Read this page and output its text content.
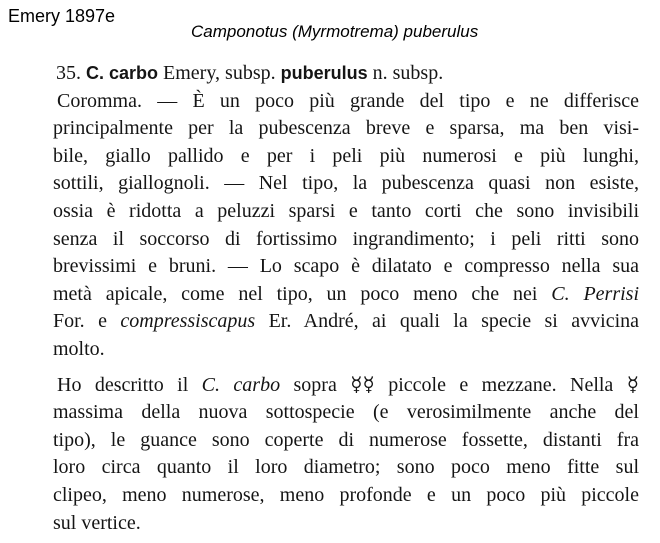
Emery 1897e
Camponotus (Myrmotrema) puberulus
35. C. carbo Emery, subsp. puberulus n. subsp.
Coromma. — È un poco più grande del tipo e ne differisce
principalmente per la pubescenza breve e sparsa, ma ben visi-
bile, giallo pallido e per i peli più numerosi e più lunghi,
sottili, giallognoli. — Nel tipo, la pubescenza quasi non esiste,
ossia è ridotta a peluzzi sparsi e tanto corti che sono invisibili
senza il soccorso di fortissimo ingrandimento; i peli ritti sono
brevissimi e bruni. — Lo scapo è dilatato e compresso nella sua
metà apicale, come nel tipo, un poco meno che nei C. Perrisi
For. e compressiscapus Er. André, ai quali la specie si avvicina
molto.
Ho descritto il C. carbo sopra ☿☿ piccole e mezzane. Nella ☿
massima della nuova sottospecie (e verosimilmente anche del
tipo), le guance sono coperte di numerose fossette, distanti fra
loro circa quanto il loro diametro; sono poco meno fitte sul
clipeo, meno numerose, meno profonde e un poco più piccole
sul vertice.
